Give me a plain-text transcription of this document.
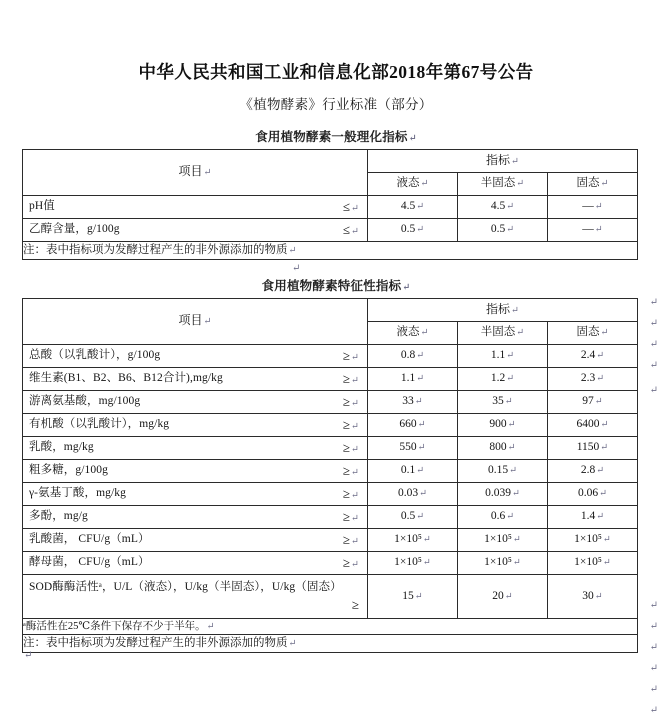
中华人民共和国工业和信息化部2018年第67号公告
《植物酵素》行业标准（部分）
食用植物酵素一般理化指标↵
项目↵	指标↵		
	液态↵	半固态↵	固态↵

pH值 ≤↵	4.5↵	4.5↵	—↵

乙醇含量，g/100g ≤↵	0.5↵	0.5↵	—↵
注：表中指标项为发酵过程产生的非外源添加的物质↵			
↵
↵
↵
↵
↵
↵
食用植物酵素特征性指标↵
项目↵	指标↵		
	液态↵	半固态↵	固态↵

总酸（以乳酸计），g/100g ≥↵	0.8↵	1.1↵	2.4↵

维生素(B1、B2、B6、B12合计),mg/kg ≥↵	1.1↵	1.2↵	2.3↵

游离氨基酸，mg/100g ≥↵	33↵	35↵	97↵

有机酸（以乳酸计），mg/kg ≥↵	660↵	900↵	6400↵

乳酸，mg/kg ≥↵	550↵	800↵	1150↵

粗多糖，g/100g ≥↵	0.1↵	0.15↵	2.8↵

γ-氨基丁酸，mg/kg ≥↵	0.03↵	0.039↵	0.06↵

多酚，mg/g ≥↵	0.5↵	0.6↵	1.4↵

乳酸菌， CFU/g（mL） ≥↵	1×10⁵↵	1×10⁵↵	1×10⁵↵

酵母菌， CFU/g（mL） ≥↵	1×10⁵↵	1×10⁵↵	1×10⁵↵

SOD酶酶活性ᵃ，U/L（液态），U/kg（半固态），U/kg（固态）
≥	15↵	20↵	30↵
ᵃ酶活性在25℃条件下保存不少于半年。↵			
注：表中指标项为发酵过程产生的非外源添加的物质↵			
↵
↵
↵
↵
↵
↵
↵
